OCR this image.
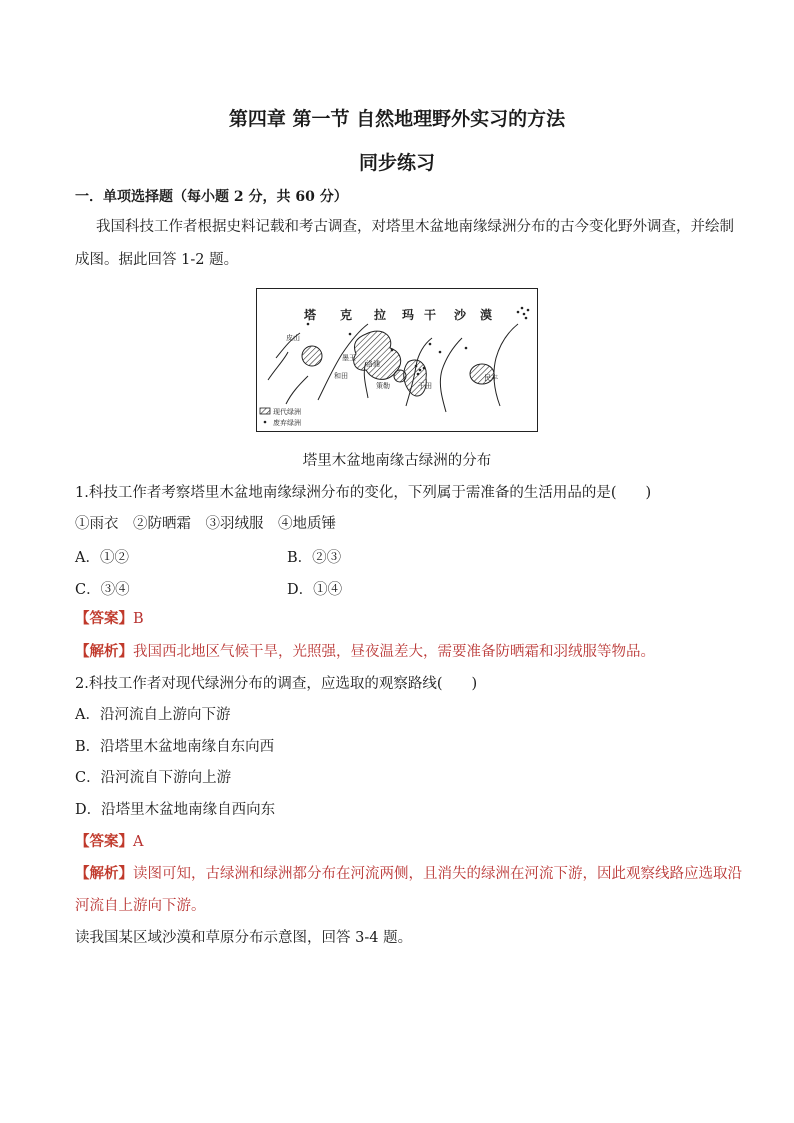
第四章 第一节 自然地理野外实习的方法
同步练习
一．单项选择题（每小题 2 分，共 60 分）
我国科技工作者根据史料记载和考古调查，对塔里木盆地南缘绿洲分布的古今变化野外调查，并绘制
成图。据此回答 1-2 题。
塔 克 拉 玛 干 沙 漠
皮山
墨玉
和田
洛浦
策勒	于田
民丰
现代绿洲
废弃绿洲
塔里木盆地南缘古绿洲的分布
1.科技工作者考察塔里木盆地南缘绿洲分布的变化，下列属于需准备的生活用品的是(　　)
①雨衣　②防晒霜　③羽绒服　④地质锤
A．①②	B．②③
C．③④	D．①④
【答案】B
【解析】我国西北地区气候干旱，光照强，昼夜温差大，需要准备防晒霜和羽绒服等物品。
2.科技工作者对现代绿洲分布的调查，应选取的观察路线(　　)
A．沿河流自上游向下游
B．沿塔里木盆地南缘自东向西
C．沿河流自下游向上游
D．沿塔里木盆地南缘自西向东
【答案】A
【解析】读图可知，古绿洲和绿洲都分布在河流两侧，且消失的绿洲在河流下游，因此观察线路应选取沿
河流自上游向下游。
读我国某区域沙漠和草原分布示意图，回答 3-4 题。
